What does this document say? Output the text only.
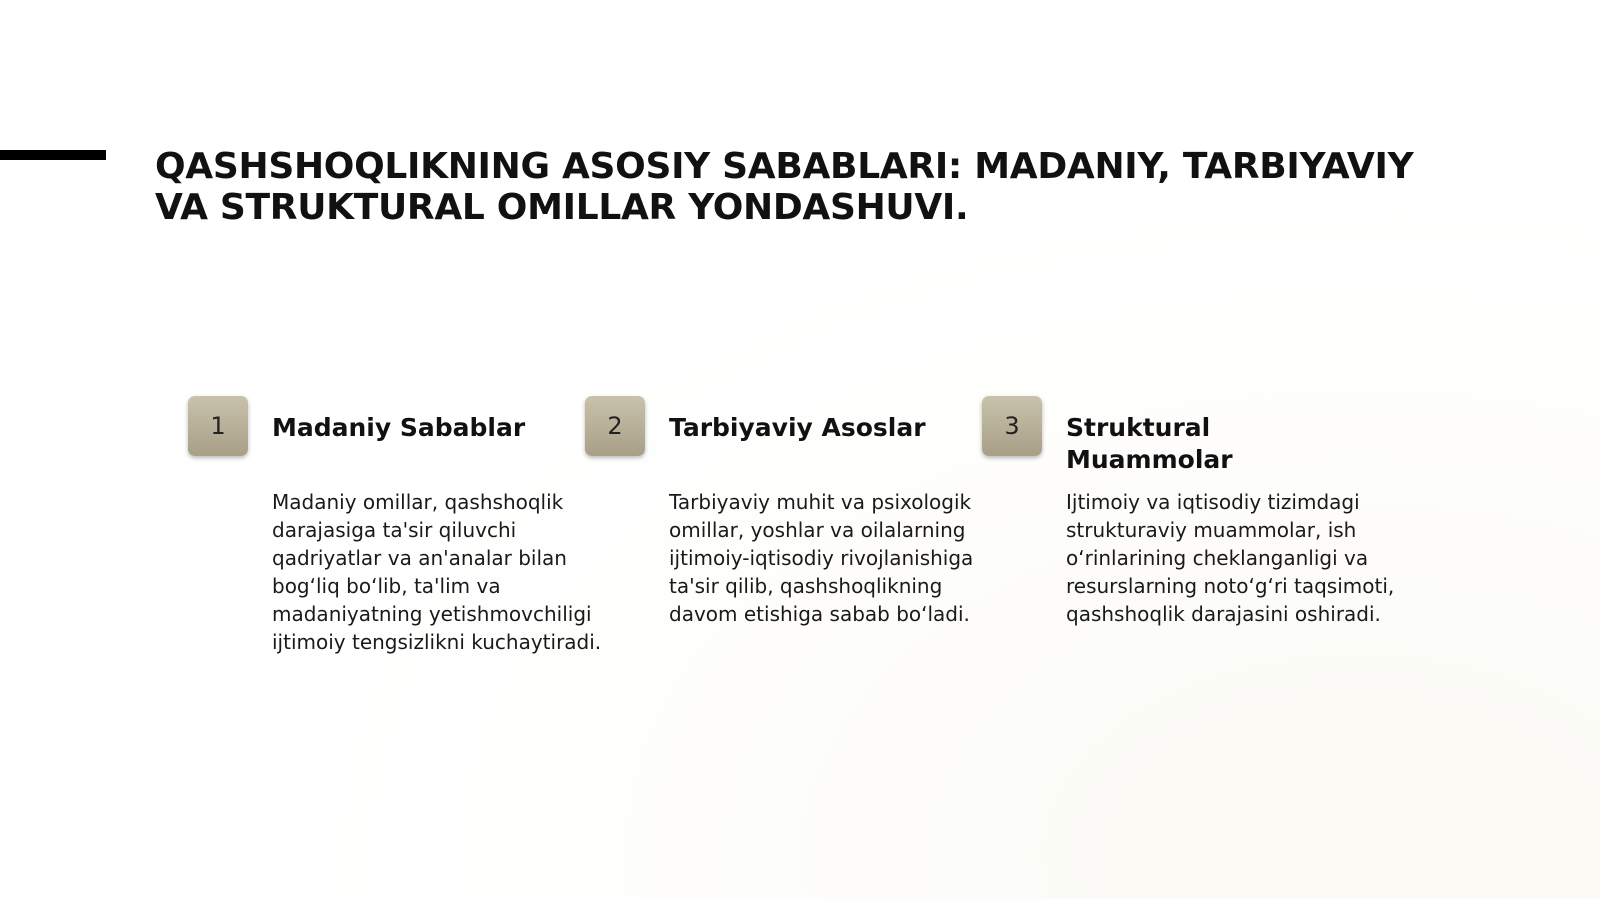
QASHSHOQLIKNING ASOSIY SABABLARI: MADANIY, TARBIYAVIY VA STRUKTURAL OMILLAR YONDASHUVI.
1	Madaniy Sabablar

Madaniy omillar, qashshoqlik darajasiga ta'sir qiluvchi qadriyatlar va an'analar bilan bog‘liq bo‘lib, ta'lim va madaniyatning yetishmovchiligi ijtimoiy tengsizlikni kuchaytiradi.

2	Tarbiyaviy Asoslar

Tarbiyaviy muhit va psixologik omillar, yoshlar va oilalarning ijtimoiy-iqtisodiy rivojlanishiga ta'sir qilib, qashshoqlikning davom etishiga sabab bo‘ladi.

3	Struktural Muammolar

Ijtimoiy va iqtisodiy tizimdagi strukturaviy muammolar, ish o‘rinlarining cheklanganligi va resurslarning noto‘g‘ri taqsimoti, qashshoqlik darajasini oshiradi.
